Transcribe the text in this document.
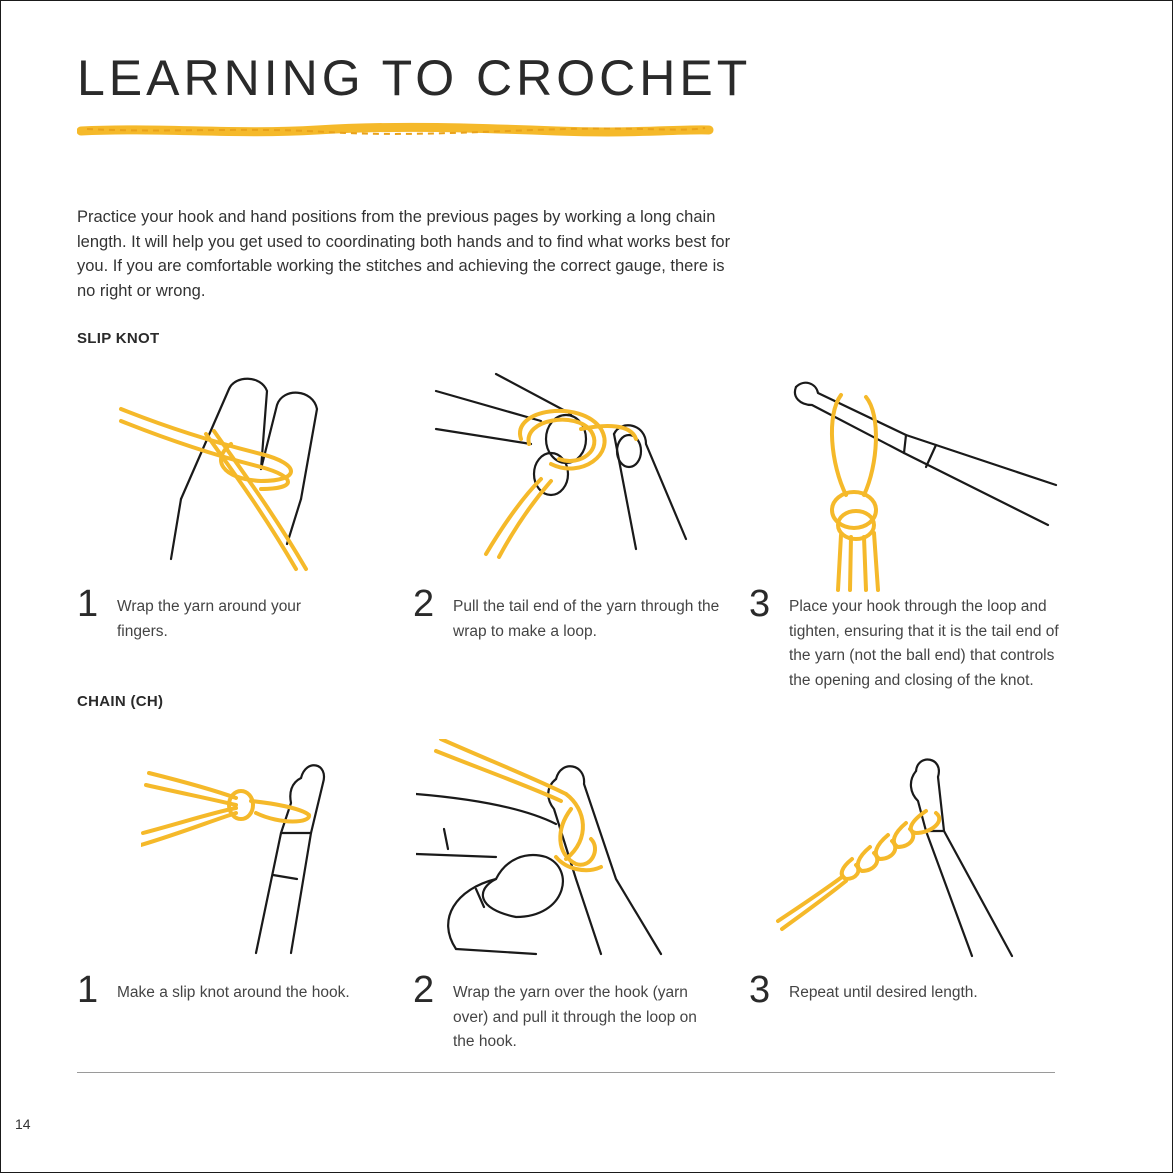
LEARNING TO CROCHET

Practice your hook and hand positions from the previous pages by working a long chain length. It will help you get used to coordinating both hands and to find what works best for you. If you are comfortable working the stitches and achieving the correct gauge, there is no right or wrong.

SLIP KNOT
1 Wrap the yarn around your fingers.
2 Pull the tail end of the yarn through the wrap to make a loop.
3 Place your hook through the loop and tighten, ensuring that it is the tail end of the yarn (not the ball end) that controls the opening and closing of the knot.
CHAIN (CH)
1 Make a slip knot around the hook. 2 Wrap the yarn over the hook (yarn over) and pull it through the loop on the hook.
3 Repeat until desired length.
14
